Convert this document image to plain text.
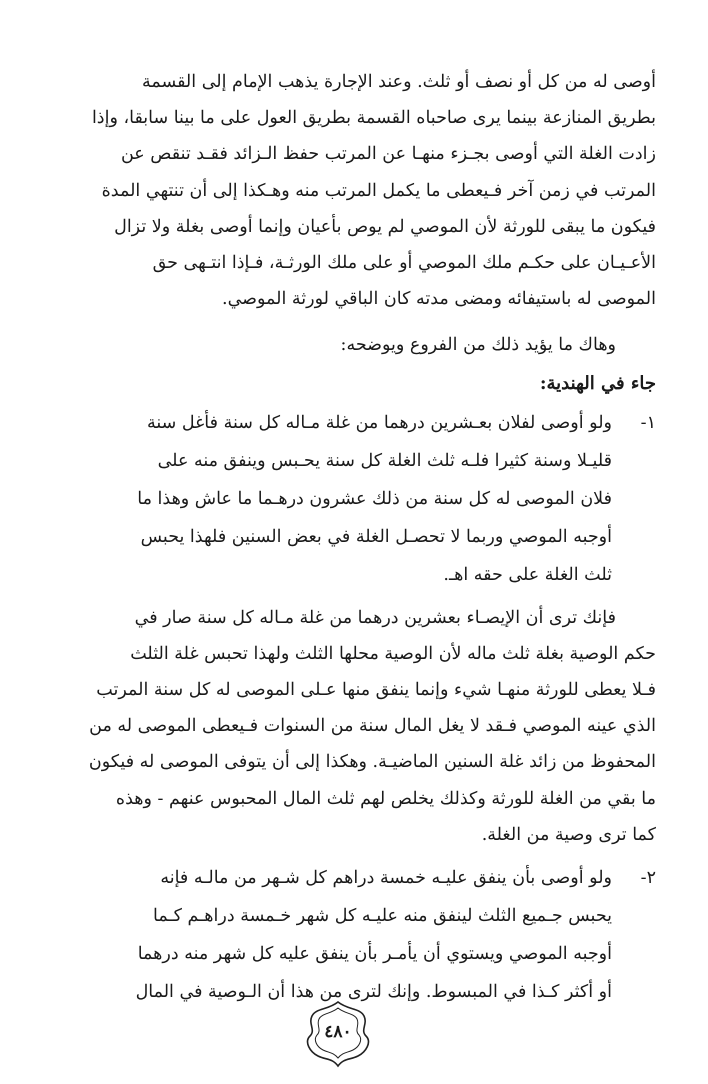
أوصى له من كل أو نصف أو ثلث. وعند الإجارة يذهب الإمام إلى القسمة

بطريق المنازعة بينما يرى صاحباه القسمة بطريق العول على ما بينا سابقا، وإذا

زادت الغلة التي أوصى بجـزء منهـا عن المرتب حفظ الـزائد فقـد تنقص عن

المرتب في زمن آخر فـيعطى ما يكمل المرتب منه وهـكذا إلى أن تنتهي المدة

فيكون ما يبقى للورثة لأن الموصي لم يوص بأعيان وإنما أوصى بغلة ولا تزال

الأعـيـان على حكـم ملك الموصي أو على ملك الورثـة، فـإذا انتـهى حق

الموصى له باستيفائه ومضى مدته كان الباقي لورثة الموصي.

وهاك ما يؤيد ذلك من الفروع ويوضحه:

جاء في الهندية:

١-
ولو أوصى لفلان بعـشرين درهما من غلة مـاله كل سنة فأغل سنة
قليـلا وسنة كثيرا فلـه ثلث الغلة كل سنة يحـبس وينفق منه على
فلان الموصى له كل سنة من ذلك عشرون درهـما ما عاش وهذا ما
أوجبه الموصي وربما لا تحصـل الغلة في بعض السنين فلهذا يحبس
ثلث الغلة على حقه اهـ.

فإنك ترى أن الإيصـاء بعشرين درهما من غلة مـاله كل سنة صار في

حكم الوصية بغلة ثلث ماله لأن الوصية محلها الثلث ولهذا تحبس غلة الثلث

فـلا يعطى للورثة منهـا شيء وإنما ينفق منها عـلى الموصى له كل سنة المرتب

الذي عينه الموصي فـقد لا يغل المال سنة من السنوات فـيعطى الموصى له من

المحفوظ من زائد غلة السنين الماضيـة. وهكذا إلى أن يتوفى الموصى له فيكون

ما بقي من الغلة للورثة وكذلك يخلص لهم ثلث المال المحبوس عنهم - وهذه

كما ترى وصية من الغلة.

٢-
ولو أوصى بأن ينفق عليـه خمسة دراهم كل شـهر من مالـه فإنه
يحبس جـميع الثلث لينفق منه عليـه كل شهر خـمسة دراهـم كـما
أوجبه الموصي ويستوي أن يأمـر بأن ينفق عليه كل شهر منه درهما
أو أكثر كـذا في المبسوط. وإنك لترى من هذا أن الـوصية في المال
٤٨٠
